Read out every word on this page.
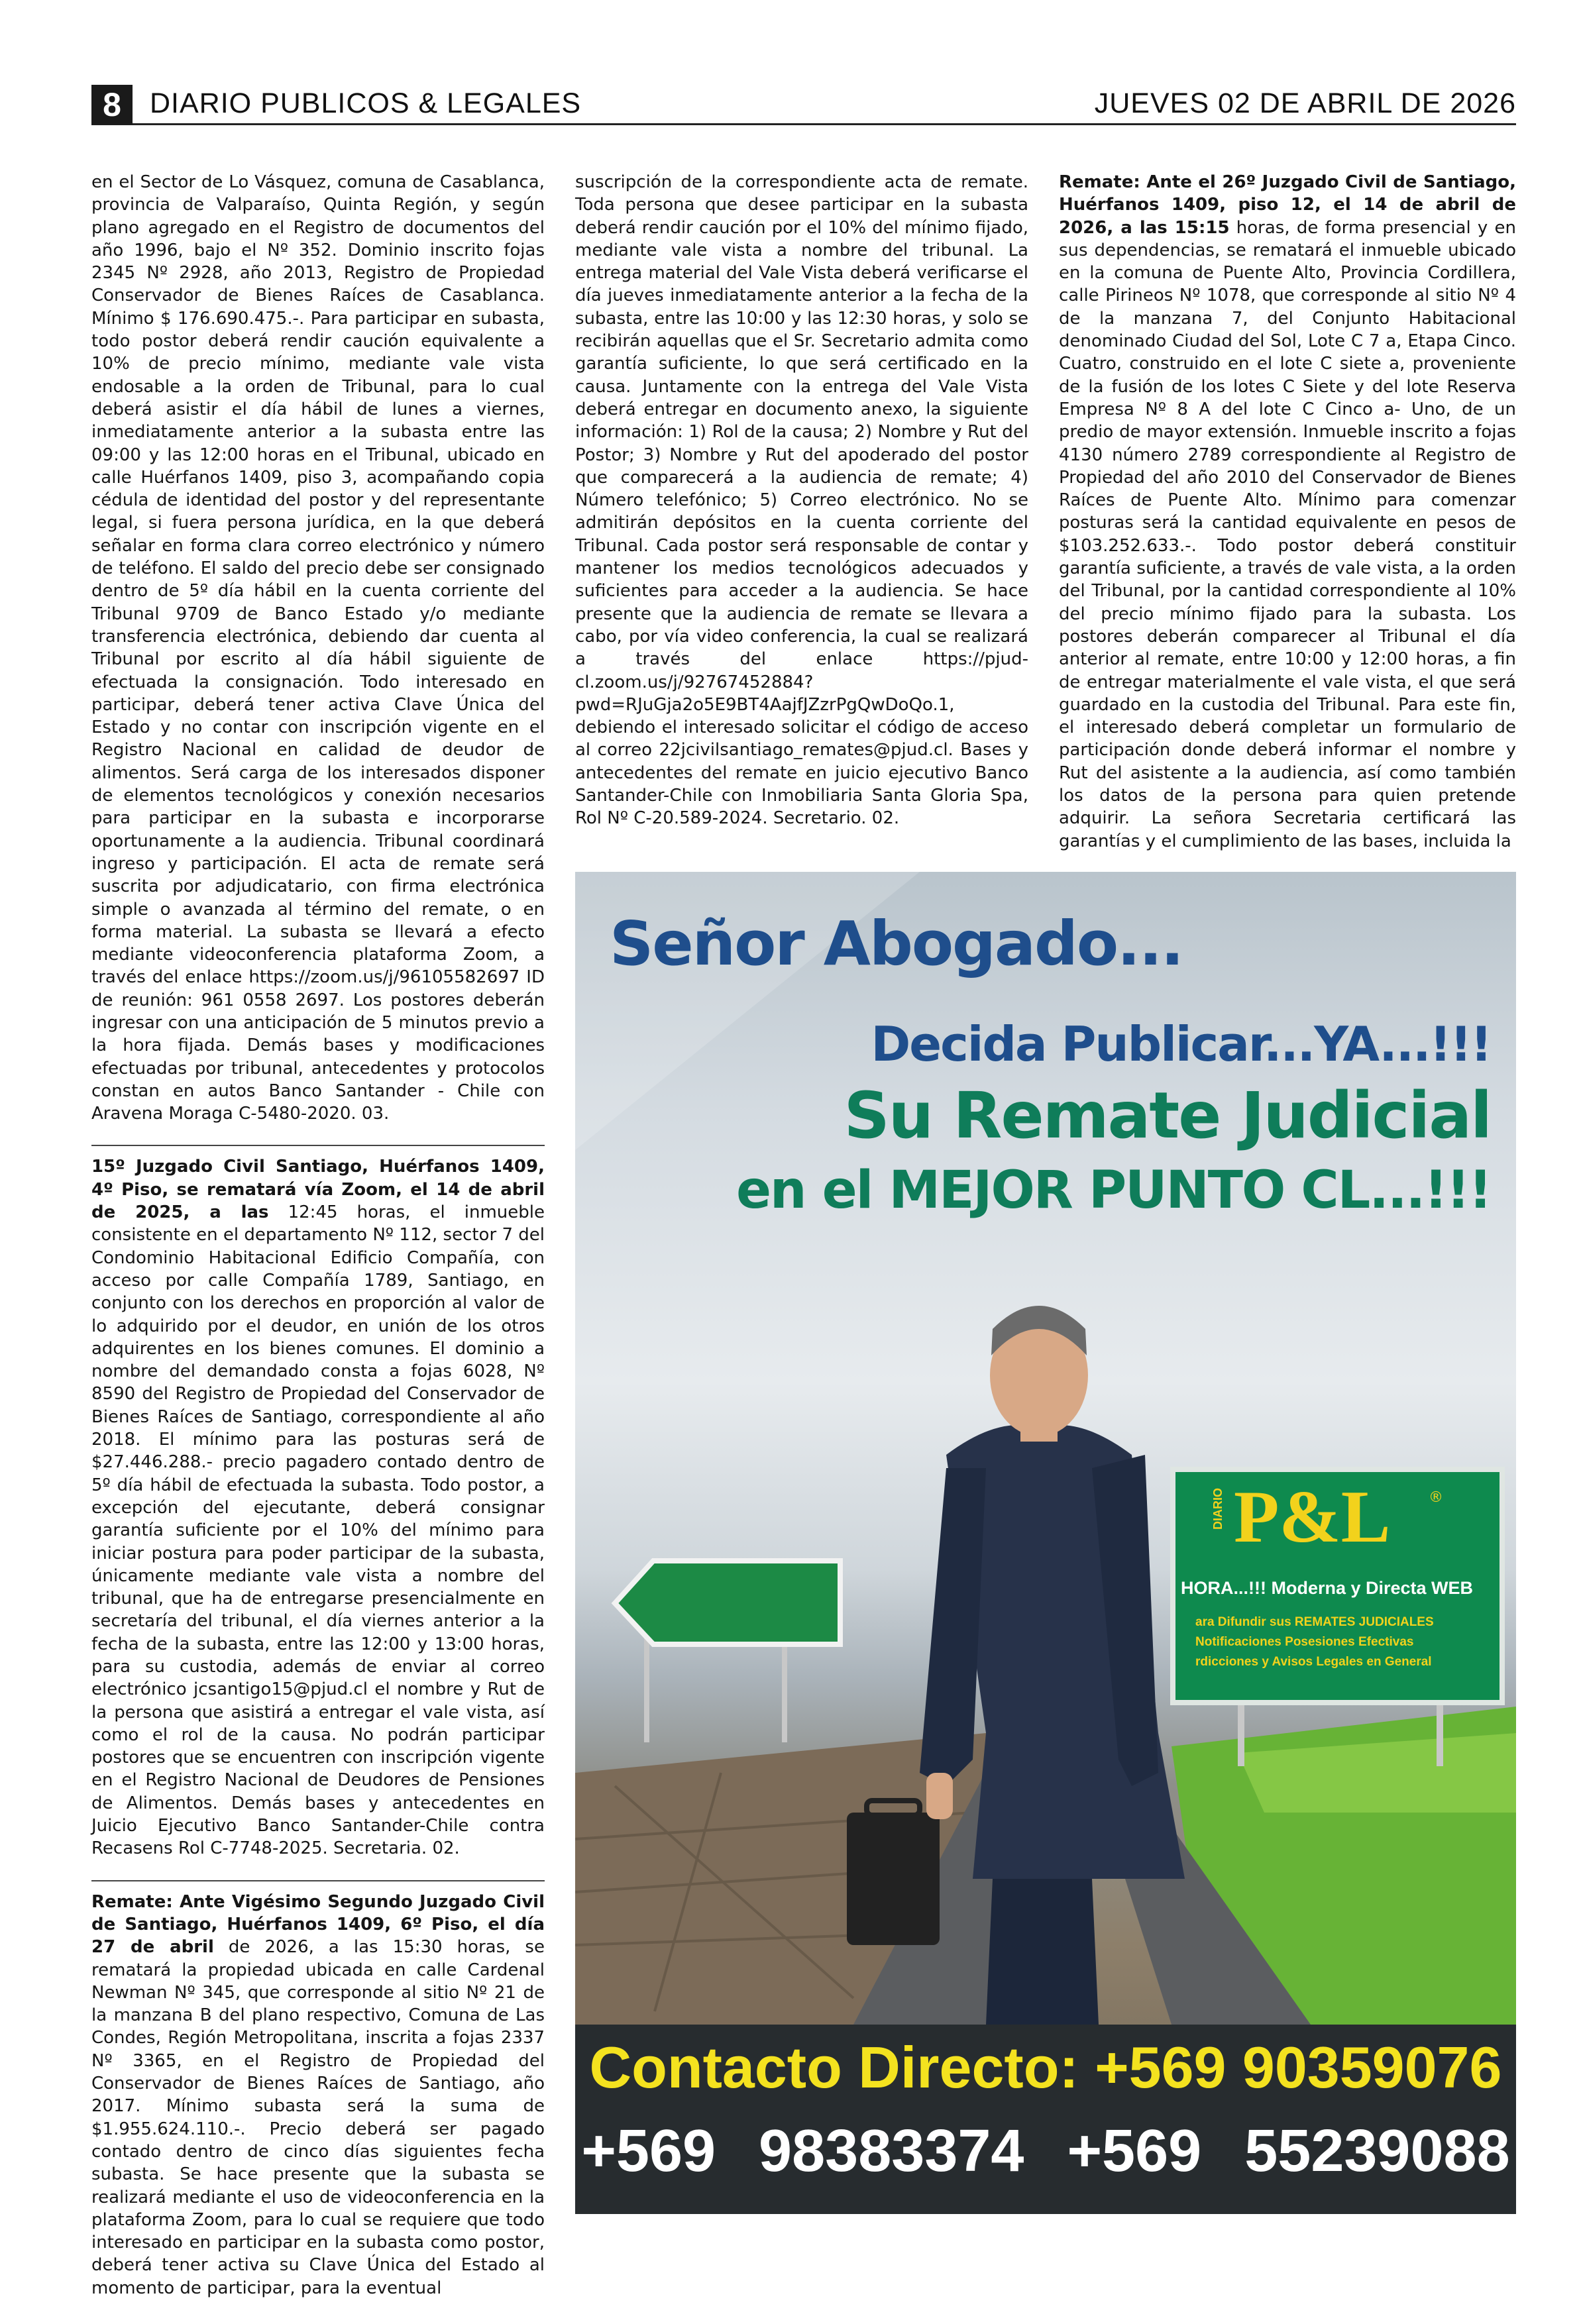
8	DIARIO PUBLICOS & LEGALES	JUEVES 02 DE ABRIL DE 2026

en el Sector de Lo Vásquez, comuna de Casablanca, provincia de Valparaíso, Quinta Región, y según plano agregado en el Registro de documentos del año 1996, bajo el Nº 352. Dominio inscrito fojas 2345 Nº 2928, año 2013, Registro de Propiedad Conservador de Bienes Raíces de Casablanca. Mínimo $ 176.690.475.-. Para participar en subasta, todo postor deberá rendir caución equivalente a 10% de precio mínimo, mediante vale vista endosable a la orden de Tribunal, para lo cual deberá asistir el día hábil de lunes a viernes, inmediatamente anterior a la subasta entre las 09:00 y las 12:00 horas en el Tribunal, ubicado en calle Huérfanos 1409, piso 3, acompañando copia cédula de identidad del postor y del representante legal, si fuera persona jurídica, en la que deberá señalar en forma clara correo electrónico y número de teléfono. El saldo del precio debe ser consignado dentro de 5º día hábil en la cuenta corriente del Tribunal 9709 de Banco Estado y/o mediante transferencia electrónica, debiendo dar cuenta al Tribunal por escrito al día hábil siguiente de efectuada la consignación. Todo interesado en participar, deberá tener activa Clave Única del Estado y no contar con inscripción vigente en el Registro Nacional en calidad de deudor de alimentos. Será carga de los interesados disponer de elementos tecnológicos y conexión necesarios para participar en la subasta e incorporarse oportunamente a la audiencia. Tribunal coordinará ingreso y participación. El acta de remate será suscrita por adjudicatario, con firma electrónica simple o avanzada al término del remate, o en forma material. La subasta se llevará a efecto mediante videoconferencia plataforma Zoom, a través del enlace https://zoom.us/j/96105582697 ID de reunión: 961 0558 2697. Los postores deberán ingresar con una anticipación de 5 minutos previo a la hora fijada. Demás bases y modificaciones efectuadas por tribunal, antecedentes y protocolos constan en autos Banco Santander - Chile con Aravena Moraga C-5480-2020. 03.

15º Juzgado Civil Santiago, Huérfanos 1409, 4º Piso, se rematará vía Zoom, el 14 de abril de 2025, a las 12:45 horas, el inmueble consistente en el departamento Nº 112, sector 7 del Condominio Habitacional Edificio Compañía, con acceso por calle Compañía 1789, Santiago, en conjunto con los derechos en proporción al valor de lo adquirido por el deudor, en unión de los otros adquirentes en los bienes comunes. El dominio a nombre del demandado consta a fojas 6028, Nº 8590 del Registro de Propiedad del Conservador de Bienes Raíces de Santiago, correspondiente al año 2018. El mínimo para las posturas será de $27.446.288.- precio pagadero contado dentro de 5º día hábil de efectuada la subasta. Todo postor, a excepción del ejecutante, deberá consignar garantía suficiente por el 10% del mínimo para iniciar postura para poder participar de la subasta, únicamente mediante vale vista a nombre del tribunal, que ha de entregarse presencialmente en secretaría del tribunal, el día viernes anterior a la fecha de la subasta, entre las 12:00 y 13:00 horas, para su custodia, además de enviar al correo electrónico jcsantigo15@pjud.cl el nombre y Rut de la persona que asistirá a entregar el vale vista, así como el rol de la causa. No podrán participar postores que se encuentren con inscripción vigente en el Registro Nacional de Deudores de Pensiones de Alimentos. Demás bases y antecedentes en Juicio Ejecutivo Banco Santander-Chile contra Recasens Rol C-7748-2025. Secretaria. 02.

Remate: Ante Vigésimo Segundo Juzgado Civil de Santiago, Huérfanos 1409, 6º Piso, el día 27 de abril de 2026, a las 15:30 horas, se rematará la propiedad ubicada en calle Cardenal Newman Nº 345, que corresponde al sitio Nº 21 de la manzana B del plano respectivo, Comuna de Las Condes, Región Metropolitana, inscrita a fojas 2337 Nº 3365, en el Registro de Propiedad del Conservador de Bienes Raíces de Santiago, año 2017. Mínimo subasta será la suma de $1.955.624.110.-. Precio deberá ser pagado contado dentro de cinco días siguientes fecha subasta. Se hace presente que la subasta se realizará mediante el uso de videoconferencia en la plataforma Zoom, para lo cual se requiere que todo interesado en participar en la subasta como postor, deberá tener activa su Clave Única del Estado al momento de participar, para la eventual

suscripción de la correspondiente acta de remate. Toda persona que desee participar en la subasta deberá rendir caución por el 10% del mínimo fijado, mediante vale vista a nombre del tribunal. La entrega material del Vale Vista deberá verificarse el día jueves inmediatamente anterior a la fecha de la subasta, entre las 10:00 y las 12:30 horas, y solo se recibirán aquellas que el Sr. Secretario admita como garantía suficiente, lo que será certificado en la causa. Juntamente con la entrega del Vale Vista deberá entregar en documento anexo, la siguiente información: 1) Rol de la causa; 2) Nombre y Rut del Postor; 3) Nombre y Rut del apoderado del postor que comparecerá a la audiencia de remate; 4) Número telefónico; 5) Correo electrónico. No se admitirán depósitos en la cuenta corriente del Tribunal. Cada postor será responsable de contar y mantener los medios tecnológicos adecuados y suficientes para acceder a la audiencia. Se hace presente que la audiencia de remate se llevara a cabo, por vía video conferencia, la cual se realizará a través del enlace https://pjud-cl.zoom.us/j/92767452884?pwd=RJuGja2o5E9BT4AajfJZzrPgQwDoQo.1, debiendo el interesado solicitar el código de acceso al correo 22jcivilsantiago_remates@pjud.cl. Bases y antecedentes del remate en juicio ejecutivo Banco Santander-Chile con Inmobiliaria Santa Gloria Spa, Rol Nº C-20.589-2024. Secretario. 02.

Remate: Ante el 26º Juzgado Civil de Santiago, Huérfanos 1409, piso 12, el 14 de abril de 2026, a las 15:15 horas, de forma presencial y en sus dependencias, se rematará el inmueble ubicado en la comuna de Puente Alto, Provincia Cordillera, calle Pirineos Nº 1078, que corresponde al sitio Nº 4 de la manzana 7, del Conjunto Habitacional denominado Ciudad del Sol, Lote C 7 a, Etapa Cinco. Cuatro, construido en el lote C siete a, proveniente de la fusión de los lotes C Siete y del lote Reserva Empresa Nº 8 A del lote C Cinco a- Uno, de un predio de mayor extensión. Inmueble inscrito a fojas 4130 número 2789 correspondiente al Registro de Propiedad del año 2010 del Conservador de Bienes Raíces de Puente Alto. Mínimo para comenzar posturas será la cantidad equivalente en pesos de $103.252.633.-. Todo postor deberá constituir garantía suficiente, a través de vale vista, a la orden del Tribunal, por la cantidad correspondiente al 10% del precio mínimo fijado para la subasta. Los postores deberán comparecer al Tribunal el día anterior al remate, entre 10:00 y 12:00 horas, a fin de entregar materialmente el vale vista, el que será guardado en la custodia del Tribunal. Para este fin, el interesado deberá completar un formulario de participación donde deberá informar el nombre y Rut del asistente a la audiencia, así como también los datos de la persona para quien pretende adquirir. La señora Secretaria certificará las garantías y el cumplimiento de las bases, incluida la

Señor Abogado...
Decida Publicar...YA...!!!
Su Remate Judicial
en el MEJOR PUNTO CL...!!!
DIARIO P&L	®
HORA...!!! Moderna y Directa WEB
ara Difundir sus REMATES JUDICIALES
Notificaciones Posesiones Efectivas
rdicciones y Avisos Legales en General
Contacto Directo: +569 90359076
+569 98383374 +569 55239088
